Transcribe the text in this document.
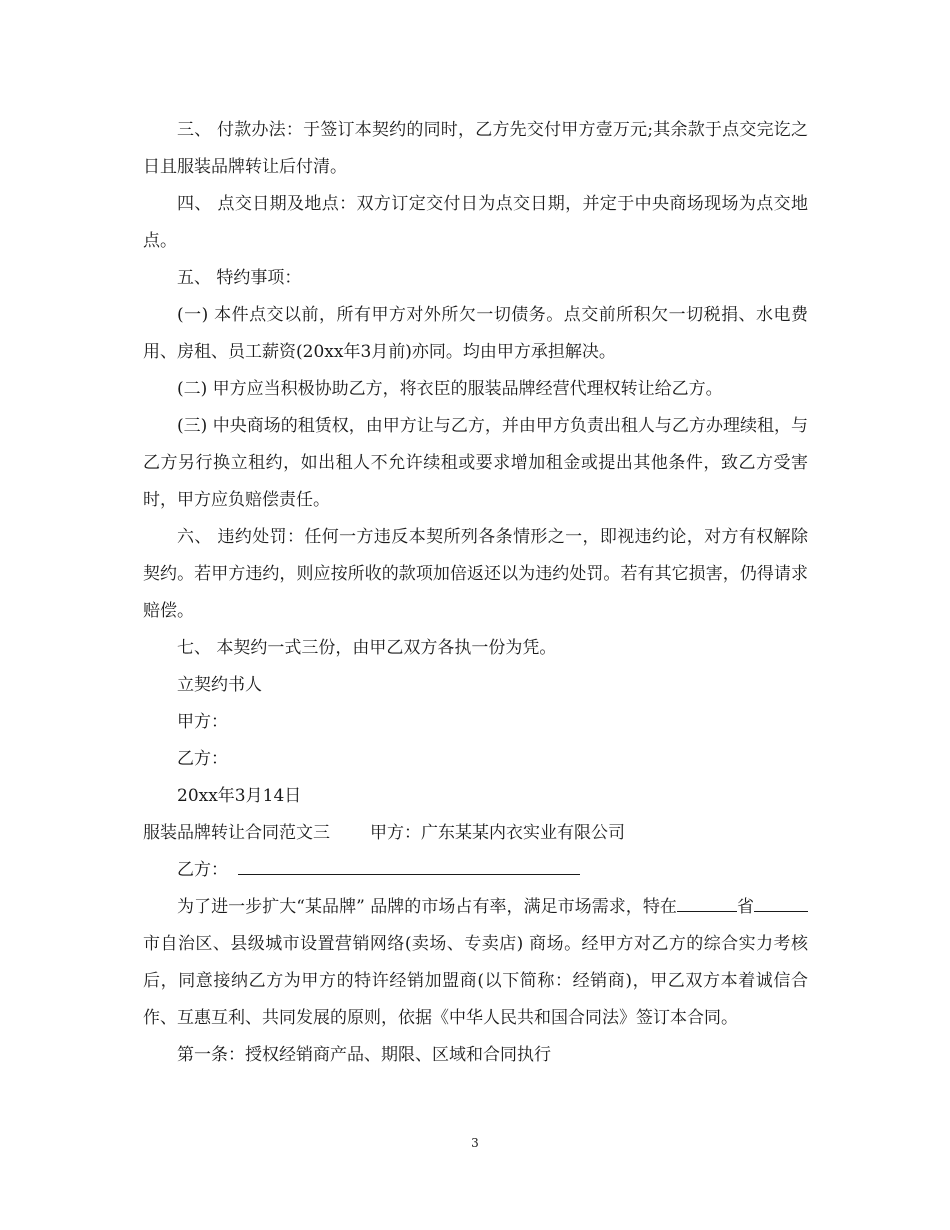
三、 付款办法：于签订本契约的同时，乙方先交付甲方壹万元;其余款于点交完讫之日且服装品牌转让后付清。

四、 点交日期及地点：双方订定交付日为点交日期，并定于中央商场现场为点交地点。

五、 特约事项：

(一) 本件点交以前，所有甲方对外所欠一切债务。点交前所积欠一切税捐、水电费用、房租、员工薪资(20xx年3月前)亦同。均由甲方承担解决。

(二) 甲方应当积极协助乙方，将衣臣的服装品牌经营代理权转让给乙方。

(三) 中央商场的租赁权，由甲方让与乙方，并由甲方负责出租人与乙方办理续租，与乙方另行换立租约，如出租人不允许续租或要求增加租金或提出其他条件，致乙方受害时，甲方应负赔偿责任。

六、 违约处罚：任何一方违反本契所列各条情形之一，即视违约论，对方有权解除契约。若甲方违约，则应按所收的款项加倍返还以为违约处罚。若有其它损害，仍得请求赔偿。

七、 本契约一式三份，由甲乙双方各执一份为凭。

立契约书人

甲方：

乙方：

20xx年3月14日

服装品牌转让合同范文三 甲方：广东某某内衣实业有限公司

乙方：

为了进一步扩大“某品牌” 品牌的市场占有率，满足市场需求，特在	省市自治区、县级城市设置营销网络(卖场、专卖店) 商场。经甲方对乙方的综合实力考核后，同意接纳乙方为甲方的特许经销加盟商(以下简称：经销商)，甲乙双方本着诚信合作、互惠互利、共同发展的原则，依据《中华人民共和国合同法》签订本合同。

第一条：授权经销商产品、期限、区域和合同执行

3
